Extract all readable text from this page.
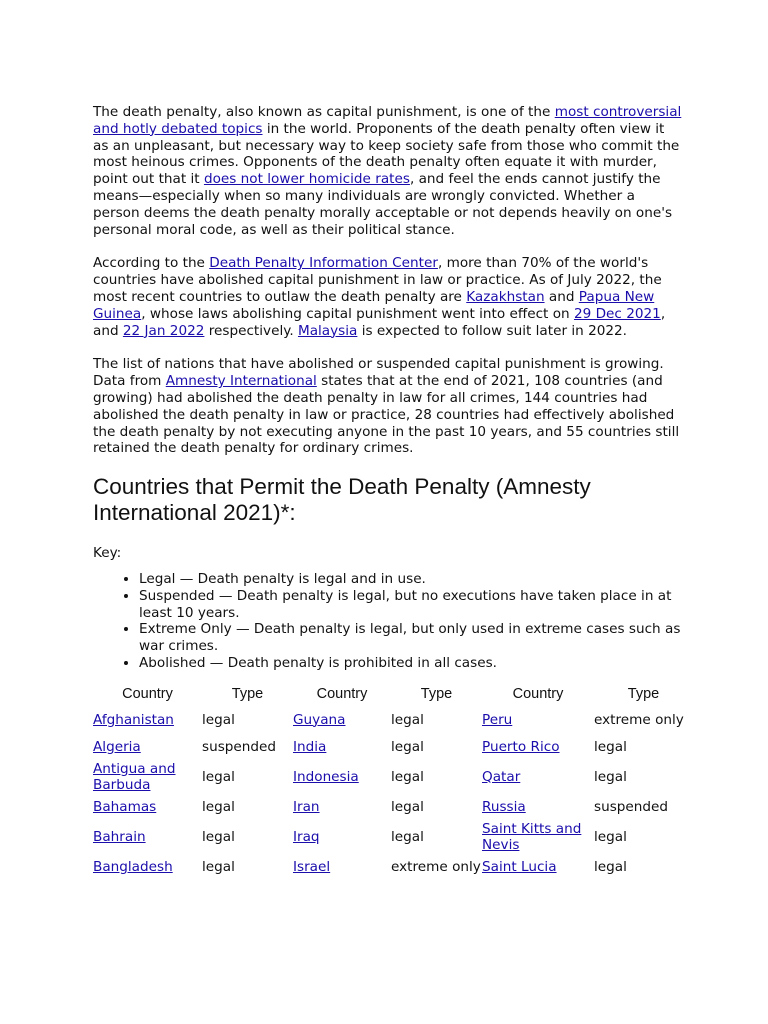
The death penalty, also known as capital punishment, is one of the most controversial and hotly debated topics in the world. Proponents of the death penalty often view it as an unpleasant, but necessary way to keep society safe from those who commit the most heinous crimes. Opponents of the death penalty often equate it with murder, point out that it does not lower homicide rates, and feel the ends cannot justify the means—especially when so many individuals are wrongly convicted. Whether a person deems the death penalty morally acceptable or not depends heavily on one's personal moral code, as well as their political stance.

According to the Death Penalty Information Center, more than 70% of the world's countries have abolished capital punishment in law or practice. As of July 2022, the most recent countries to outlaw the death penalty are Kazakhstan and Papua New Guinea, whose laws abolishing capital punishment went into effect on 29 Dec 2021, and 22 Jan 2022 respectively. Malaysia is expected to follow suit later in 2022.

The list of nations that have abolished or suspended capital punishment is growing. Data from Amnesty International states that at the end of 2021, 108 countries (and growing) had abolished the death penalty in law for all crimes, 144 countries had abolished the death penalty in law or practice, 28 countries had effectively abolished the death penalty by not executing anyone in the past 10 years, and 55 countries still retained the death penalty for ordinary crimes.

Countries that Permit the Death Penalty (Amnesty International 2021)*:
Key:
• Legal — Death penalty is legal and in use.
• Suspended — Death penalty is legal, but no executions have taken place in at least 10 years.
• Extreme Only — Death penalty is legal, but only used in extreme cases such as war crimes.
• Abolished — Death penalty is prohibited in all cases.
Country	Type	Country	Type	Country	Type
Afghanistan	legal	Guyana	legal	Peru	extreme only
Algeria	suspended	India	legal	Puerto Rico	legal
Antigua and Barbuda	legal	Indonesia	legal	Qatar	legal
Bahamas	legal	Iran	legal	Russia	suspended
Bahrain	legal	Iraq	legal	Saint Kitts and Nevis	legal
Bangladesh	legal	Israel	extreme only	Saint Lucia	legal
